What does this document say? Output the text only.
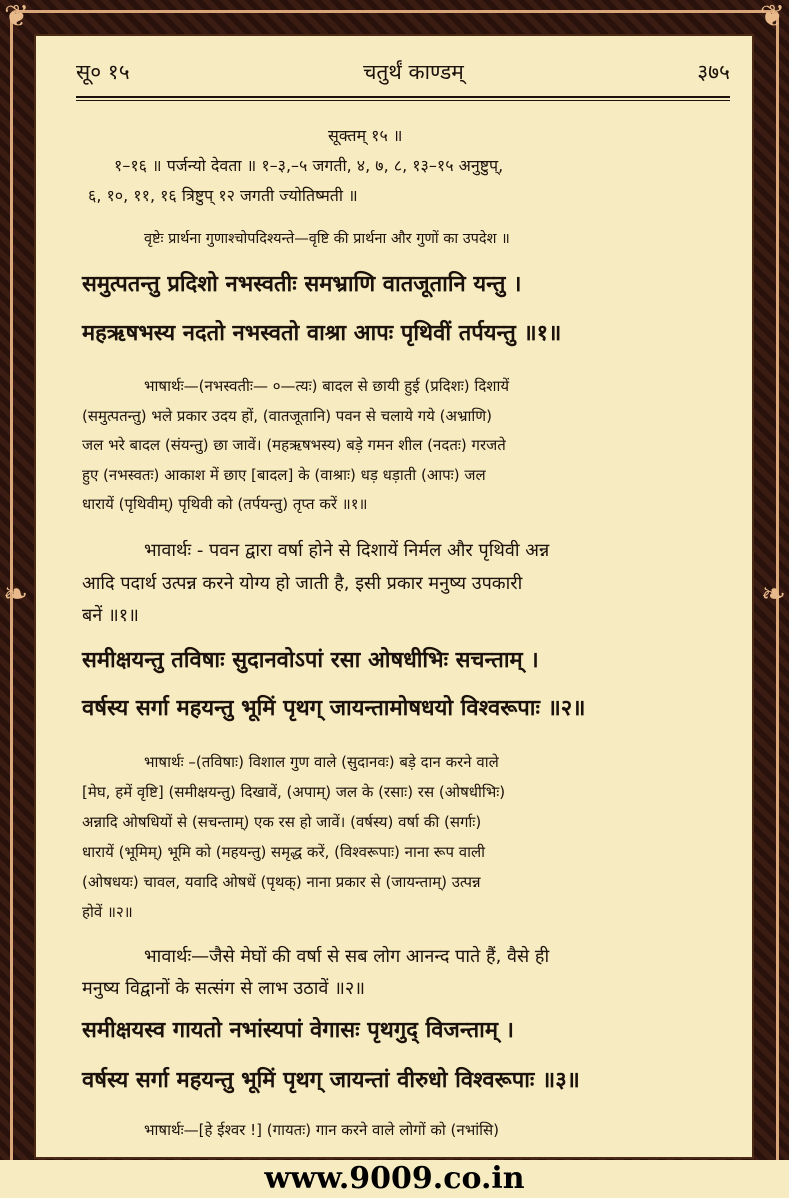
❦	❦
❧	❧
सू० १५	चतुर्थं काण्डम्	३७५
सूक्तम् १५ ॥
१–१६ ॥ पर्जन्यो देवता ॥ १–३,–५ जगती, ४, ७, ८, १३–१५ अनुष्टुप्,
६, १०, ११, १६ त्रिष्टुप् १२ जगती ज्योतिष्मती ॥
वृष्टेः प्रार्थना गुणाश्चोपदिश्यन्ते—वृष्टि की प्रार्थना और गुणों का उपदेश ॥
समुत्पतन्तु प्रदिशो नभस्वतीः समभ्राणि वातजूतानि यन्तु ।
महऋषभस्य नदतो नभस्वतो वाश्रा आपः पृथिवीं तर्पयन्तु ॥१॥
भाषार्थः—(नभस्वतीः— ०—त्यः) बादल से छायी हुई (प्रदिशः) दिशायें
(समुत्पतन्तु) भले प्रकार उदय हों, (वातजूतानि) पवन से चलाये गये (अभ्राणि)
जल भरे बादल (संयन्तु) छा जावें। (महऋषभस्य) बड़े गमन शील (नदतः) गरजते
हुए (नभस्वतः) आकाश में छाए [बादल] के (वाश्राः) धड़ धड़ाती (आपः) जल
धारायें (पृथिवीम्) पृथिवी को (तर्पयन्तु) तृप्त करें ॥१॥
भावार्थः - पवन द्वारा वर्षा होने से दिशायें निर्मल और पृथिवी अन्न
आदि पदार्थ उत्पन्न करने योग्य हो जाती है, इसी प्रकार मनुष्य उपकारी
बनें ॥१॥
समीक्षयन्तु तविषाः सुदानवोऽपां रसा ओषधीभिः सचन्ताम् ।
वर्षस्य सर्गा महयन्तु भूमिं पृथग् जायन्तामोषधयो विश्वरूपाः ॥२॥
भाषार्थः –(तविषाः) विशाल गुण वाले (सुदानवः) बड़े दान करने वाले
[मेघ, हमें वृष्टि] (समीक्षयन्तु) दिखावें, (अपाम्) जल के (रसाः) रस (ओषधीभिः)
अन्नादि ओषधियों से (सचन्ताम्) एक रस हो जावें। (वर्षस्य) वर्षा की (सर्गाः)
धारायें (भूमिम्) भूमि को (महयन्तु) समृद्ध करें, (विश्वरूपाः) नाना रूप वाली
(ओषधयः) चावल, यवादि ओषधें (पृथक्) नाना प्रकार से (जायन्ताम्) उत्पन्न
होवें ॥२॥
भावार्थः—जैसे मेघों की वर्षा से सब लोग आनन्द पाते हैं, वैसे ही
मनुष्य विद्वानों के सत्संग से लाभ उठावें ॥२॥
समीक्षयस्व गायतो नभांस्यपां वेगासः पृथगुद् विजन्ताम् ।
वर्षस्य सर्गा महयन्तु भूमिं पृथग् जायन्तां वीरुधो विश्वरूपाः ॥३॥
भाषार्थः—[हे ईश्वर !] (गायतः) गान करने वाले लोगों को (नभांसि)
www.9009.co.in
